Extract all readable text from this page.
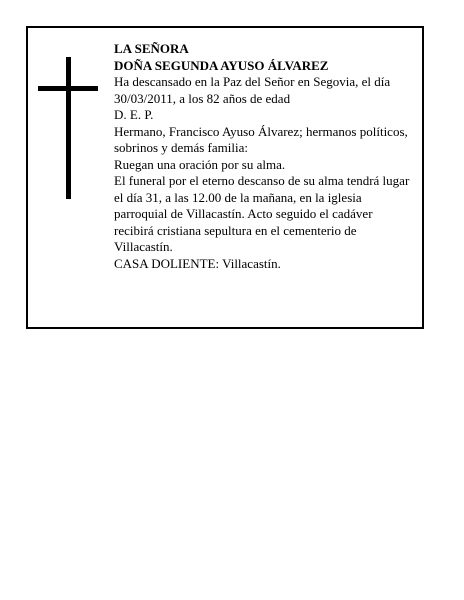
LA SEÑORA

DOÑA SEGUNDA AYUSO ÁLVAREZ

Ha descansado en la Paz del Señor en Segovia, el día 30/03/2011, a los 82 años de edad

D. E. P.

Hermano, Francisco Ayuso Álvarez; hermanos políticos, sobrinos y demás familia:

Ruegan una oración por su alma.

El funeral por el eterno descanso de su alma tendrá lugar el día 31, a las 12.00 de la mañana, en la iglesia parroquial de Villacastín. Acto seguido el cadáver recibirá cristiana sepultura en el cementerio de Villacastín.

CASA DOLIENTE: Villacastín.
